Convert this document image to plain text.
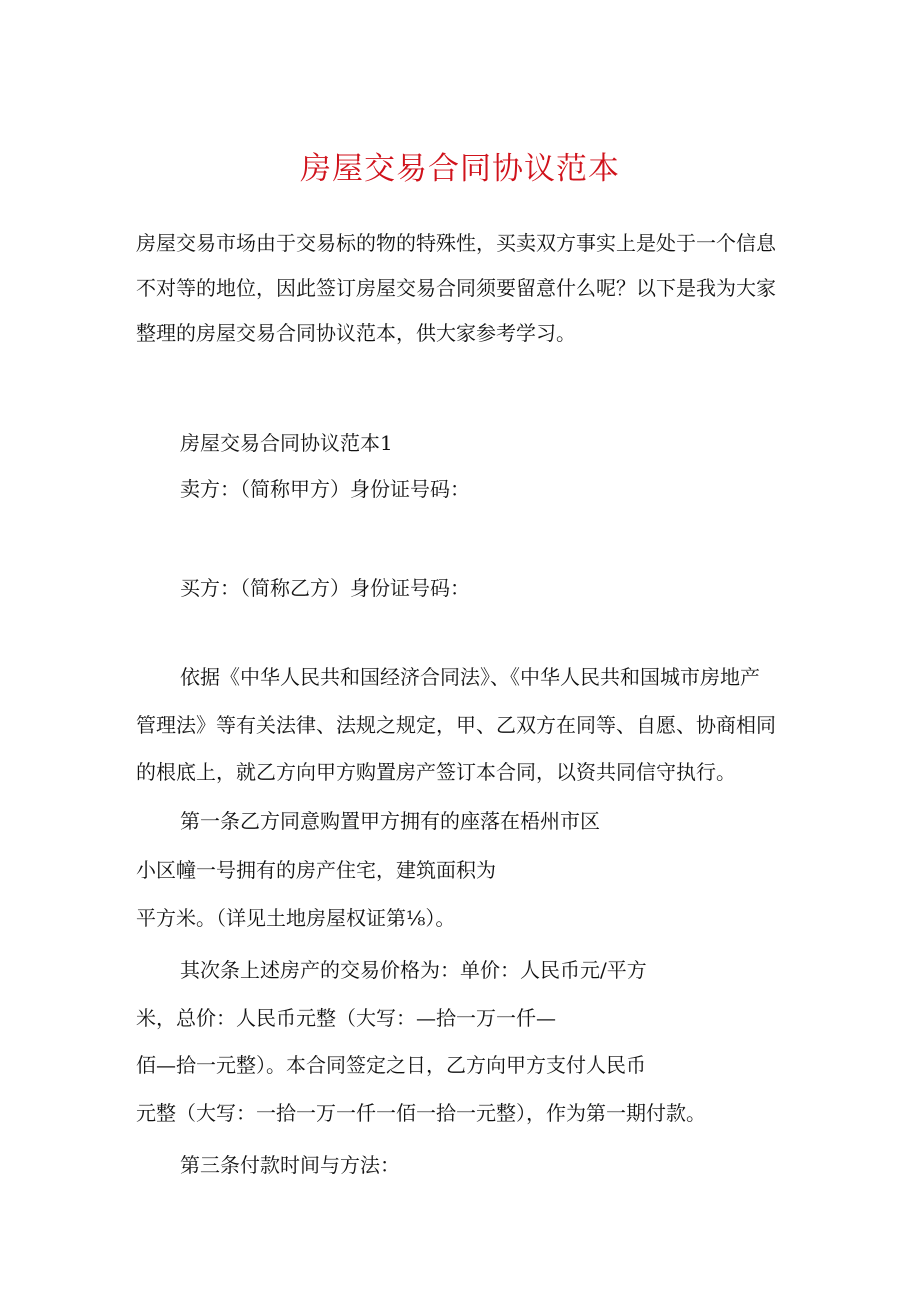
房屋交易合同协议范本
房屋交易市场由于交易标的物的特殊性，买卖双方事实上是处于一个信息
不对等的地位，因此签订房屋交易合同须要留意什么呢？以下是我为大家
整理的房屋交易合同协议范本，供大家参考学习。
房屋交易合同协议范本1
卖方：（简称甲方）身份证号码：
买方：（简称乙方）身份证号码：
依据《中华人民共和国经济合同法》、《中华人民共和国城市房地产
管理法》等有关法律、法规之规定，甲、乙双方在同等、自愿、协商相同
的根底上，就乙方向甲方购置房产签订本合同，以资共同信守执行。
第一条乙方同意购置甲方拥有的座落在梧州市区
小区幢一号拥有的房产住宅，建筑面积为
平方米。（详见土地房屋权证第⅛）。
其次条上述房产的交易价格为：单价：人民币元/平方
米，总价：人民币元整（大写：—拾一万一仟—
佰—拾一元整）。本合同签定之日，乙方向甲方支付人民币
元整（大写：一拾一万一仟一佰一拾一元整），作为第一期付款。
第三条付款时间与方法：
